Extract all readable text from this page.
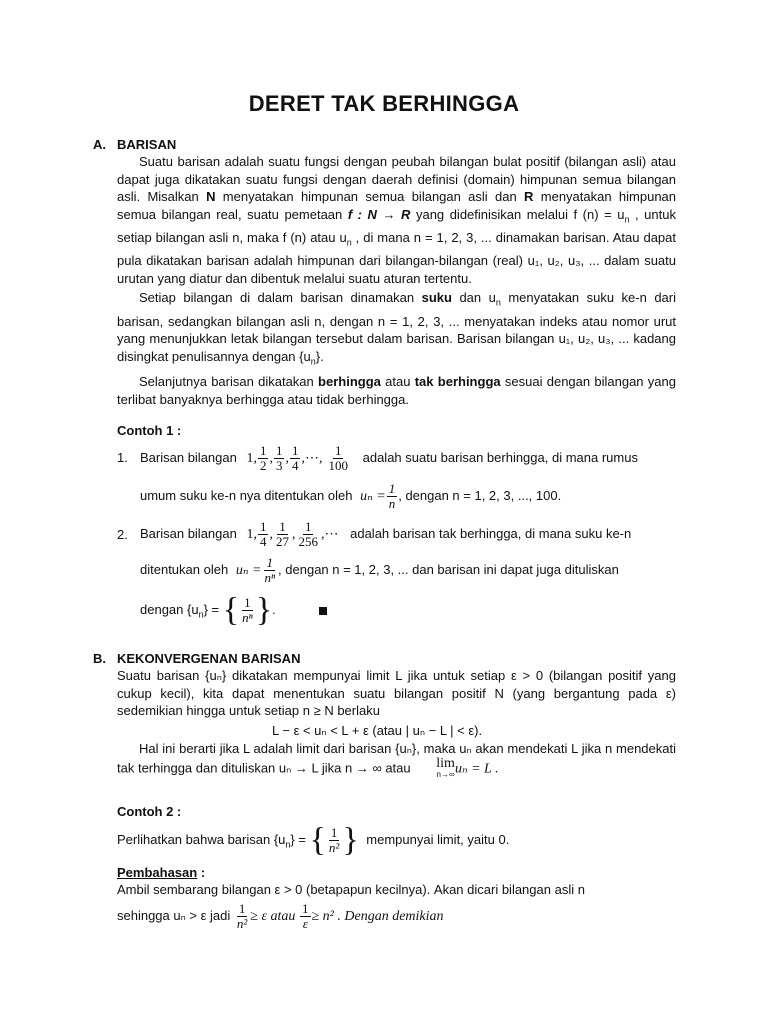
DERET TAK BERHINGGA
A. BARISAN

Suatu barisan adalah suatu fungsi dengan peubah bilangan bulat positif (bilangan asli) atau dapat juga dikatakan suatu fungsi dengan daerah definisi (domain) himpunan semua bilangan asli. Misalkan N menyatakan himpunan semua bilangan asli dan R menyatakan himpunan semua bilangan real, suatu pemetaan f : N → R yang didefinisikan melalui f $(n) = u_n$ , untuk setiap bilangan asli n, maka f (n) atau $u_n$ , di mana n = 1, 2, 3, ... dinamakan barisan. Atau dapat pula dikatakan barisan adalah himpunan dari bilangan-bilangan (real) u₁, u₂, u₃, ... dalam suatu urutan yang diatur dan dibentuk melalui suatu aturan tertentu.

Setiap bilangan di dalam barisan dinamakan suku dan $u_n$ menyatakan suku ke-n dari barisan, sedangkan bilangan asli n, dengan n = 1, 2, 3, ... menyatakan indeks atau nomor urut yang menunjukkan letak bilangan tersebut dalam barisan. Barisan bilangan u₁, u₂, u₃, ... kadang disingkat penulisannya dengan $\{u_n\}$.

Selanjutnya barisan dikatakan berhingga atau tak berhingga sesuai dengan bilangan yang terlibat banyaknya berhingga atau tidak berhingga.

Contoh 1 :
1. Barisan bilangan 1, $\frac{1}{2}$ , $\frac{1}{3}$ , $\frac{1}{4}$ ,⋯, $\frac{1}{100}$ adalah suatu barisan berhingga, di mana rumus
umum suku ke-n nya ditentukan oleh $u_n = \frac{1}{n}$ , dengan n = 1, 2, 3, ..., 100.
2. Barisan bilangan 1, $\frac{1}{4}$ , $\frac{1}{27}$ , $\frac{1}{256}$ ,⋯ adalah barisan tak berhingga, di mana suku ke-n
ditentukan oleh $u_n = \frac{1}{\text{nⁿ}}$ , dengan n = 1, 2, 3, ... dan barisan ini dapat juga dituliskan
dengan $\{u_n\}$ = { $\frac{1}{\text{nⁿ}}$ }.
B. KEKONVERGENAN BARISAN

Suatu barisan {uₙ} dikatakan mempunyai limit L jika untuk setiap ε > 0 (bilangan positif yang cukup kecil), kita dapat menentukan suatu bilangan positif N (yang bergantung pada ε) sedemikian hingga untuk setiap n ≥ N berlaku

L − ε < uₙ < L + ε (atau | uₙ − L | < ε).

Hal ini berarti jika L adalah limit dari barisan {uₙ}, maka uₙ akan mendekati L jika n mendekati tak terhingga dan dituliskan uₙ → L jika n → ∞ atau	lim
n→∞ uₙ = L .

Contoh 2 :
Perlihatkan bahwa barisan $\{u_n\}$ = { $\frac{1}{\text{n²}}$ } mempunyai limit, yaitu 0.
Pembahasan :
Ambil sembarang bilangan ε > 0 (betapapun kecilnya). Akan dicari bilangan asli n
sehingga uₙ > ε jadi $\frac{1}{\text{n²}} \ge \varepsilon$ atau $\frac{1}{\varepsilon} \ge n^2$ . Dengan demikian
